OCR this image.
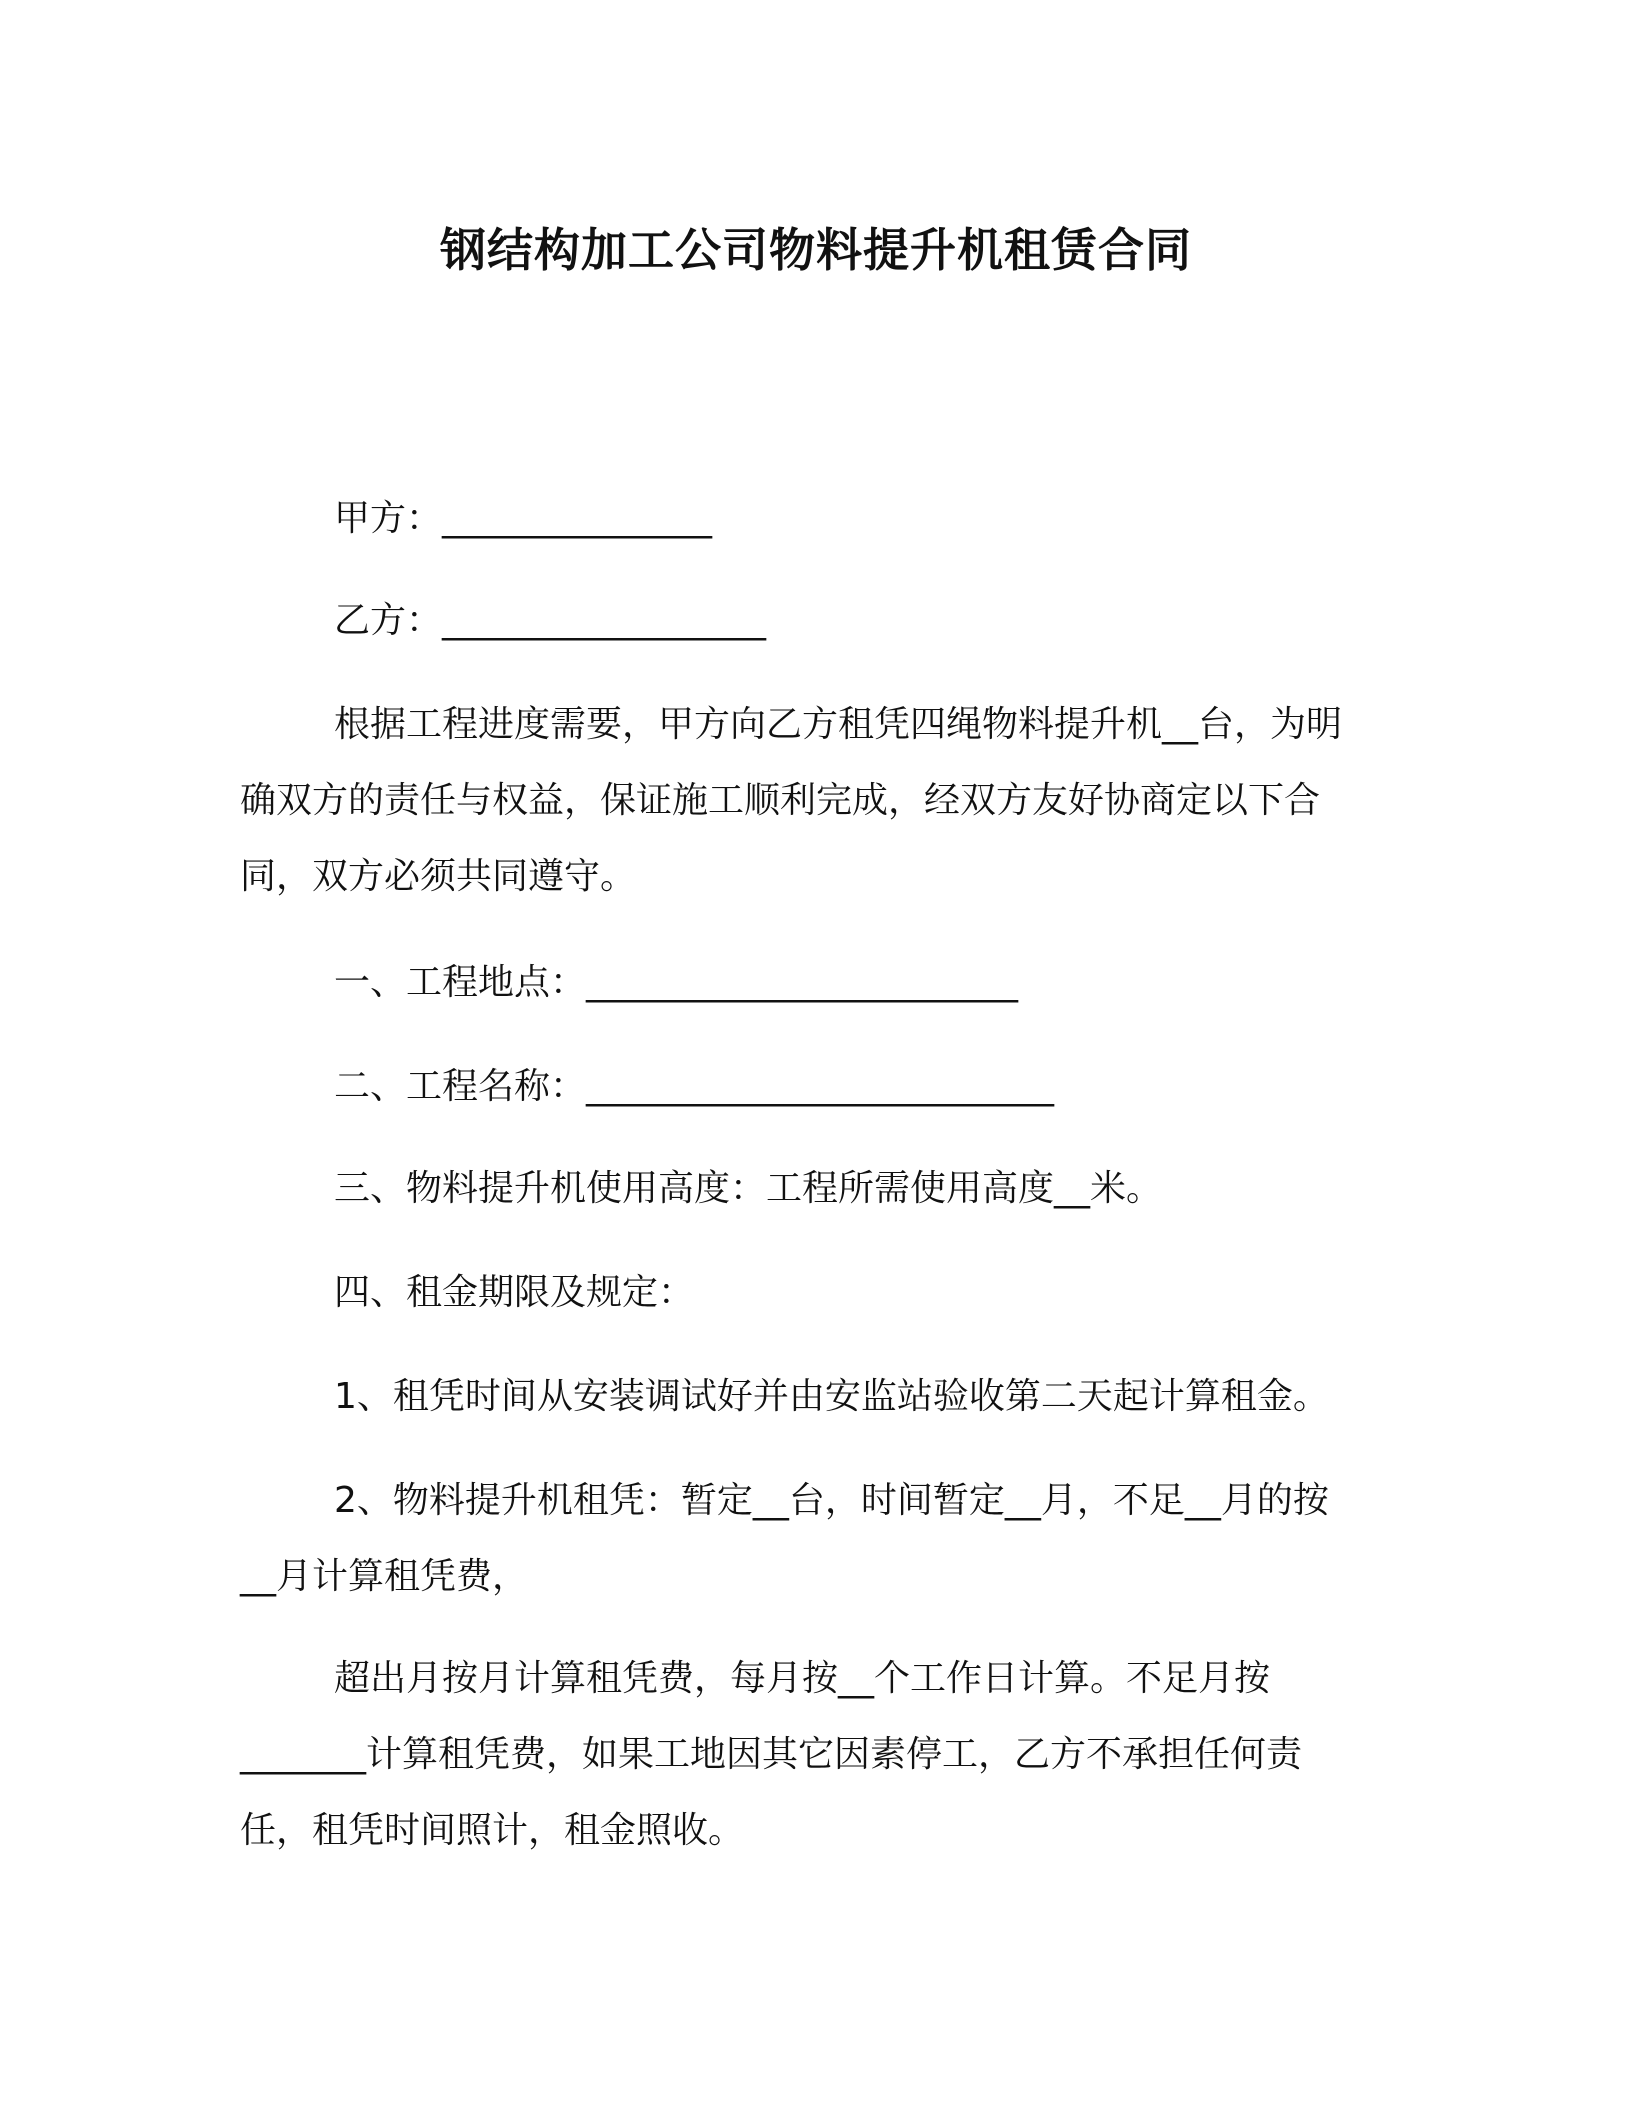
钢结构加工公司物料提升机租赁合同
甲方：_______________
乙方：__________________
根据工程进度需要，甲方向乙方租凭四绳物料提升机__台，为明
确双方的责任与权益，保证施工顺利完成，经双方友好协商定以下合
同，双方必须共同遵守。
一、工程地点：________________________
二、工程名称：__________________________
三、物料提升机使用高度：工程所需使用高度__米。
四、租金期限及规定：
1、租凭时间从安装调试好并由安监站验收第二天起计算租金。
2、物料提升机租凭：暂定__台，时间暂定__月，不足__月的按
__月计算租凭费，
超出月按月计算租凭费，每月按__个工作日计算。不足月按
_______计算租凭费，如果工地因其它因素停工，乙方不承担任何责
任，租凭时间照计，租金照收。
